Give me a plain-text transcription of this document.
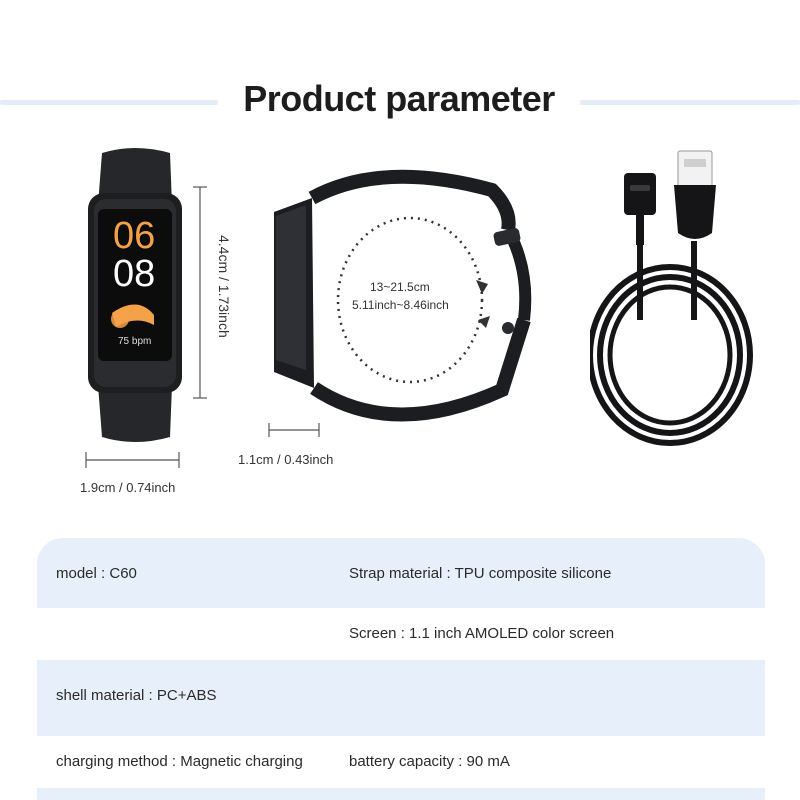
Product parameter
06
08
75 bpm
4.4cm / 1.73inch
1.9cm / 0.74inch
13~21.5cm
5.11inch~8.46inch
1.1cm / 0.43inch
model : C60	Strap material : TPU composite silicone
Screen : 1.1 inch AMOLED color screen
shell material : PC+ABS
charging method : Magnetic charging	battery capacity : 90 mA
